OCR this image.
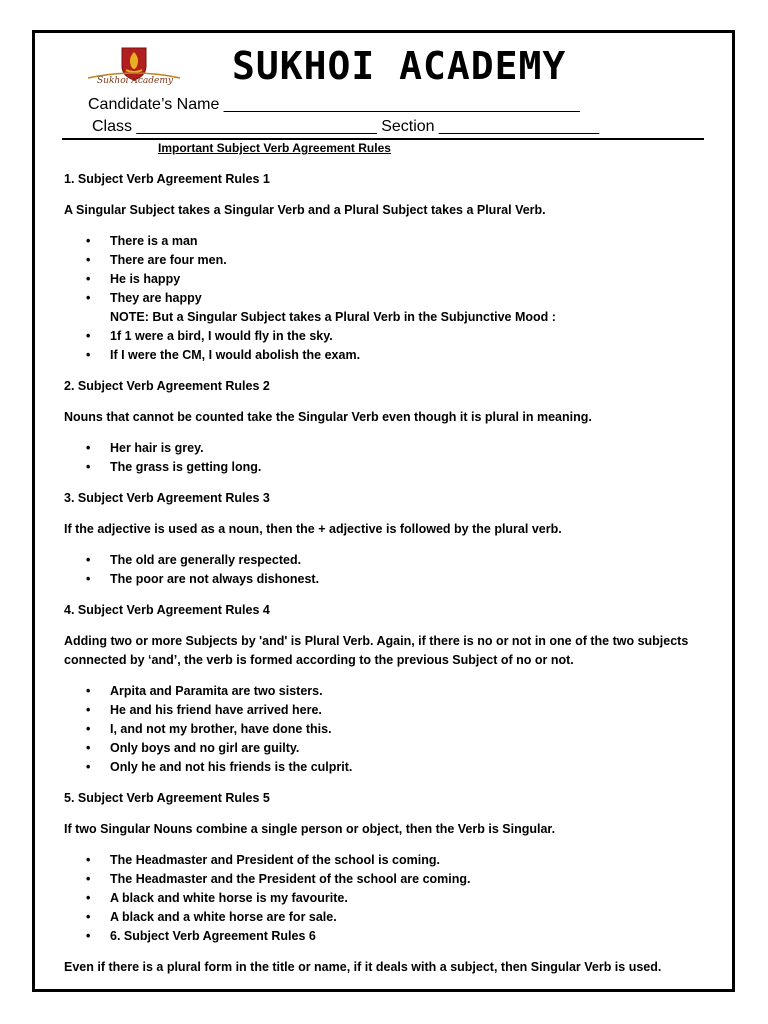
Sukhoi Academy SUKHOI ACADEMY
Candidate’s Name ________________________________________
Class ___________________________ Section __________________
Important Subject Verb Agreement Rules

1. Subject Verb Agreement Rules 1

A Singular Subject takes a Singular Verb and a Plural Subject takes a Plural Verb.

• There is a man
• There are four men.
• He is happy
• They are happy

NOTE: But a Singular Subject takes a Plural Verb in the Subjunctive Mood :

• 1f 1 were a bird, I would fly in the sky.
• If I were the CM, I would abolish the exam.

2. Subject Verb Agreement Rules 2

Nouns that cannot be counted take the Singular Verb even though it is plural in meaning.

• Her hair is grey.
• The grass is getting long.

3. Subject Verb Agreement Rules 3

If the adjective is used as a noun, then the + adjective is followed by the plural verb.

• The old are generally respected.
• The poor are not always dishonest.

4. Subject Verb Agreement Rules 4

Adding two or more Subjects by 'and' is Plural Verb. Again, if there is no or not in one of the two subjects connected by ‘and’, the verb is formed according to the previous Subject of no or not.

• Arpita and Paramita are two sisters.
• He and his friend have arrived here.
• I, and not my brother, have done this.
• Only boys and no girl are guilty.
• Only he and not his friends is the culprit.

5. Subject Verb Agreement Rules 5

If two Singular Nouns combine a single person or object, then the Verb is Singular.

• The Headmaster and President of the school is coming.
• The Headmaster and the President of the school are coming.
• A black and white horse is my favourite.
• A black and a white horse are for sale.
• 6. Subject Verb Agreement Rules 6

Even if there is a plural form in the title or name, if it deals with a subject, then Singular Verb is used.
